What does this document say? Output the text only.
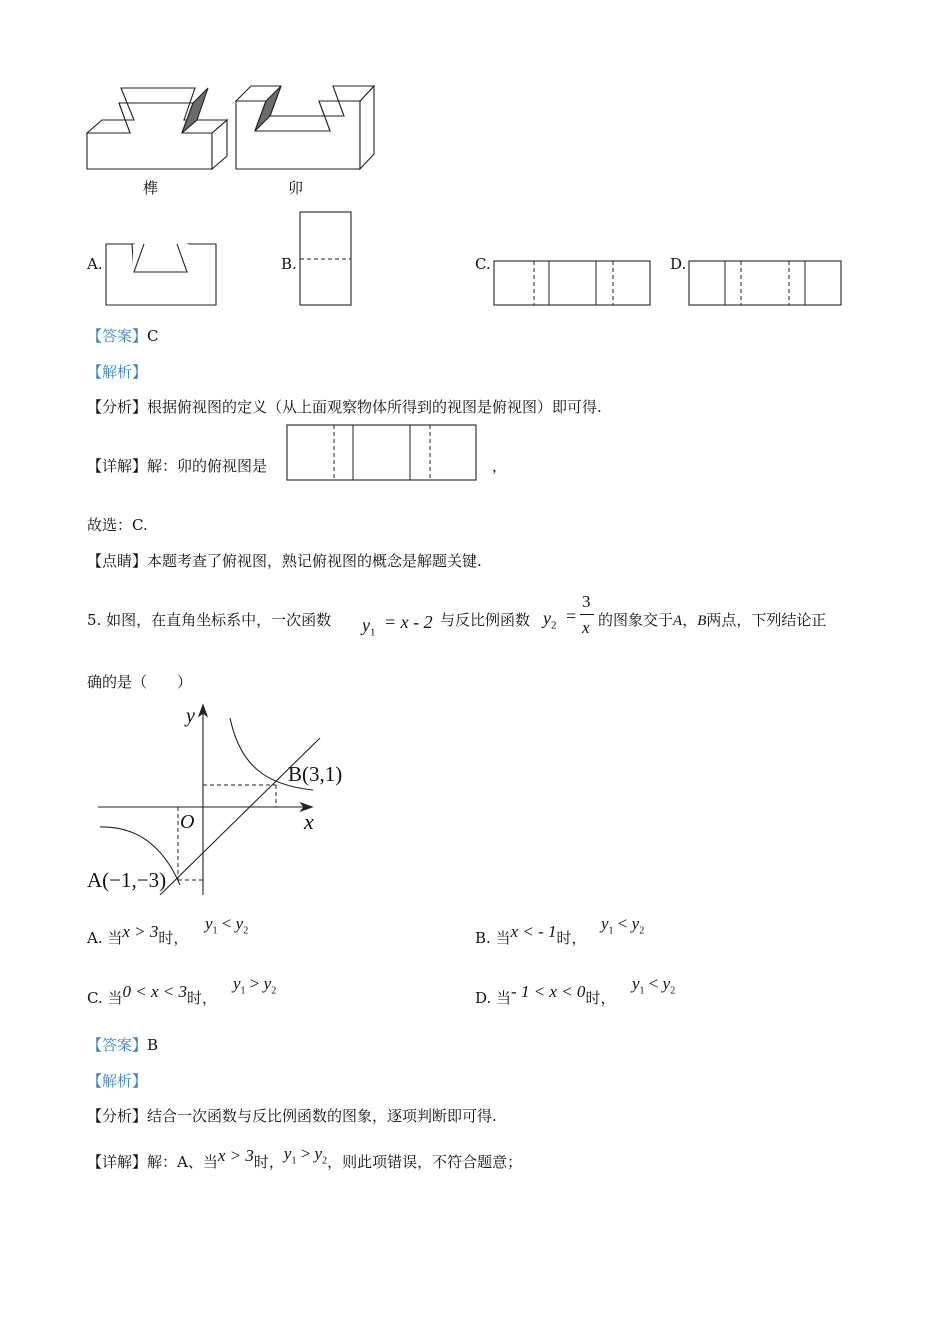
榫	卯
A.	B.	C.	D.
【答案】C
【解析】
【分析】根据俯视图的定义（从上面观察物体所得到的视图是俯视图）即可得.
【详解】解：卯的俯视图是	，
故选：C.
【点睛】本题考查了俯视图，熟记俯视图的概念是解题关键.
5. 如图，在直角坐标系中，一次函数 $y_1$
= x - 2 与反比例函数 $y_2$ =
3
x 的图象交于A，B两点，下列结论正
确的是（　　）
y
x
O
B(3,1)
A(−1,−3)
A. 当x > 3时，
$y_1 < y_2$	B. 当x < - 1时，
$y_1 < y_2$
C. 当0 < x < 3时，
$y_1 > y_2$	D. 当- 1 < x < 0时，
$y_1 < y_2$
【答案】B
【解析】
【分析】结合一次函数与反比例函数的图象，逐项判断即可得.
【详解】解：A、当x > 3时，$y_1 > y_2$，则此项错误，不符合题意；
